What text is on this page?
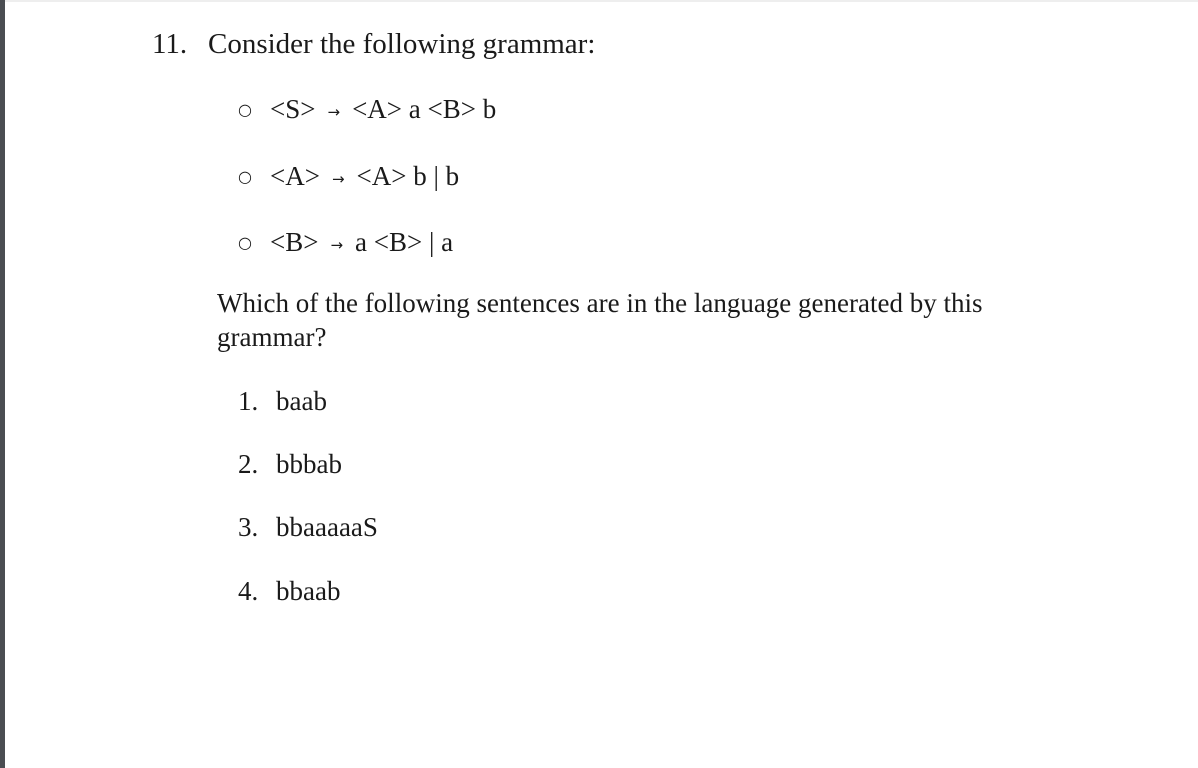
11. Consider the following grammar:
○ <S> → <A> a <B> b
○ <A> → <A> b | b
○ <B> → a <B> | a
Which of the following sentences are in the language generated by this grammar?
1. baab
2. bbbab
3. bbaaaaaS
4. bbaab
